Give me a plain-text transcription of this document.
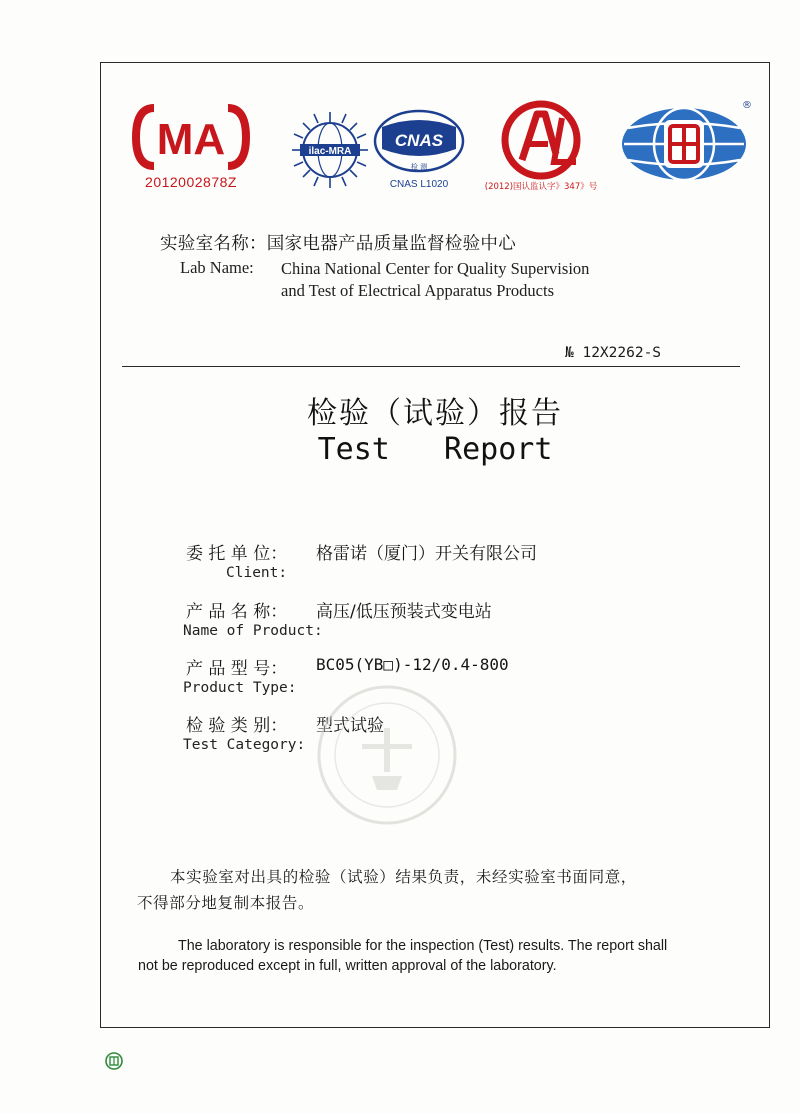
MA
2012002878Z
ilac-MRA
CNAS
检 测
CNAS L1020	(2012)国认监认字》347》号
®
实验室名称：国家电器产品质量监督检验中心
Lab Name: China National Center for Quality Supervision
and Test of Electrical Apparatus Products
№ 12X2262-S
检验（试验）报告
Test   Report
委 托 单 位： 格雷诺（厦门）开关有限公司
Client:
产 品 名 称： 高压/低压预装式变电站
Name of Product:
产 品 型 号： BC05(YB□)-12/0.4-800
Product Type:
检 验 类 别： 型式试验
Test Category:
本实验室对出具的检验（试验）结果负责，未经实验室书面同意，
不得部分地复制本报告。
The laboratory is responsible for the inspection (Test) results. The report shall
not be reproduced except in full, written approval of the laboratory.
